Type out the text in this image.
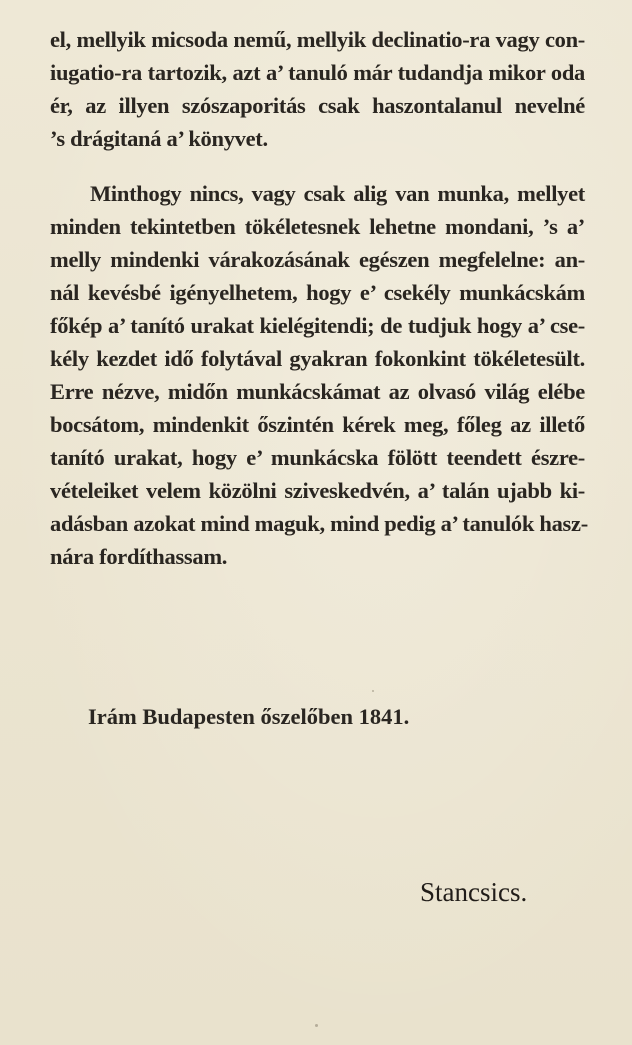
el, mellyik micsoda nemű, mellyik declinatio-ra vagy con-
iugatio-ra tartozik, azt a’ tanuló már tudandja mikor oda
ér, az illyen szószaporitás csak haszontalanul nevelné
’s drágitaná a’ könyvet.
Minthogy nincs, vagy csak alig van munka, mellyet
minden tekintetben tökéletesnek lehetne mondani, ’s a’
melly mindenki várakozásának egészen megfelelne: an-
nál kevésbé igényelhetem, hogy e’ csekély munkácskám
főkép a’ tanító urakat kielégitendi; de tudjuk hogy a’ cse-
kély kezdet idő folytával gyakran fokonkint tökéletesült.
Erre nézve, midőn munkácskámat az olvasó világ elébe
bocsátom, mindenkit őszintén kérek meg, főleg az illető
tanító urakat, hogy e’ munkácska fölött teendett észre-
vételeiket velem közölni sziveskedvén, a’ talán ujabb ki-
adásban azokat mind maguk, mind pedig a’ tanulók hasz-
nára fordíthassam.
Irám Budapesten őszelőben 1841.
Stancsics.
